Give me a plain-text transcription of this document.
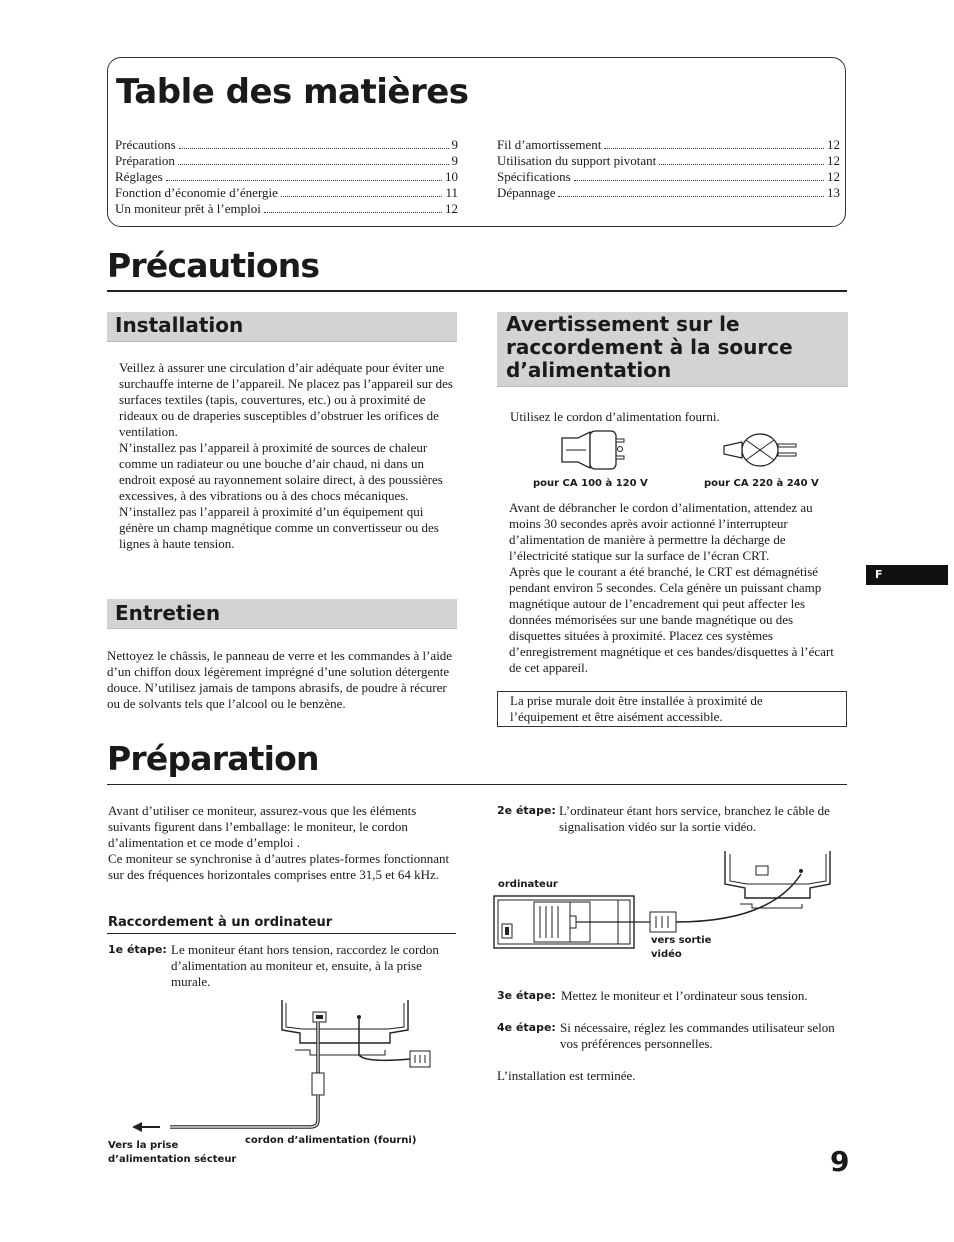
Table des matières
Précautions	9
Préparation	9
Réglages	10
Fonction d’économie d’énergie	11
Un moniteur prêt à l’emploi	12
Fil d’amortissement	12
Utilisation du support pivotant	12
Spécifications	12
Dépannage	13
Précautions
Installation
Veillez à assurer une circulation d’air adéquate pour éviter une surchauffe interne de l’appareil. Ne placez pas l’appareil sur des surfaces textiles (tapis, couvertures, etc.) ou à proximité de rideaux ou de draperies susceptibles d’obstruer les orifices de ventilation.
N’installez pas l’appareil à proximité de sources de chaleur comme un radiateur ou une bouche d’air chaud, ni dans un endroit exposé au rayonnement solaire direct, à des poussières excessives, à des vibrations ou à des chocs mécaniques.
N’installez pas l’appareil à proximité d’un équipement qui génère un champ magnétique comme un convertisseur ou des lignes à haute tension.
Entretien
Nettoyez le châssis, le panneau de verre et les commandes à l’aide d’un chiffon doux légèrement imprégné d’une solution détergente douce. N’utilisez jamais de tampons abrasifs, de poudre à récurer ou de solvants tels que l’alcool ou le benzène.
Avertissement sur le raccordement à la source d’alimentation
Utilisez le cordon d’alimentation fourni.
pour CA 100 à 120 V	pour CA 220 à 240 V
Avant de débrancher le cordon d’alimentation, attendez au moins 30 secondes après avoir actionné l’interrupteur d’alimentation de manière à permettre la décharge de l’électricité statique sur la surface de l’écran CRT.
Après que le courant a été branché, le CRT est démagnétisé pendant environ 5 secondes. Cela génère un puissant champ magnétique autour de l’encadrement qui peut affecter les données mémorisées sur une bande magnétique ou des disquettes situées à proximité. Placez ces systèmes d’enregistrement magnétique et ces bandes/disquettes à l’écart de cet appareil.
La prise murale doit être installée à proximité de l’équipement et être aisément accessible.
F
Préparation
Avant d’utiliser ce moniteur, assurez-vous que les éléments suivants figurent dans l’emballage: le moniteur, le cordon d’alimentation et ce mode d’emploi .
Ce moniteur se synchronise à d’autres plates-formes fonctionnant sur des fréquences horizontales comprises entre 31,5 et 64 kHz.
Raccordement à un ordinateur
1e étape: Le moniteur étant hors tension, raccordez le cordon d’alimentation au moniteur et, ensuite, à la prise murale.
Vers la prise d’alimentation sécteur
cordon d’alimentation (fourni)
2e étape: L’ordinateur étant hors service, branchez le câble de signalisation vidéo sur la sortie vidéo.
ordinateur
vers sortie vidéo
3e étape: Mettez le moniteur et l’ordinateur sous tension.
4e étape: Si nécessaire, réglez les commandes utilisateur selon vos préférences personnelles.
L’installation est terminée.
9
